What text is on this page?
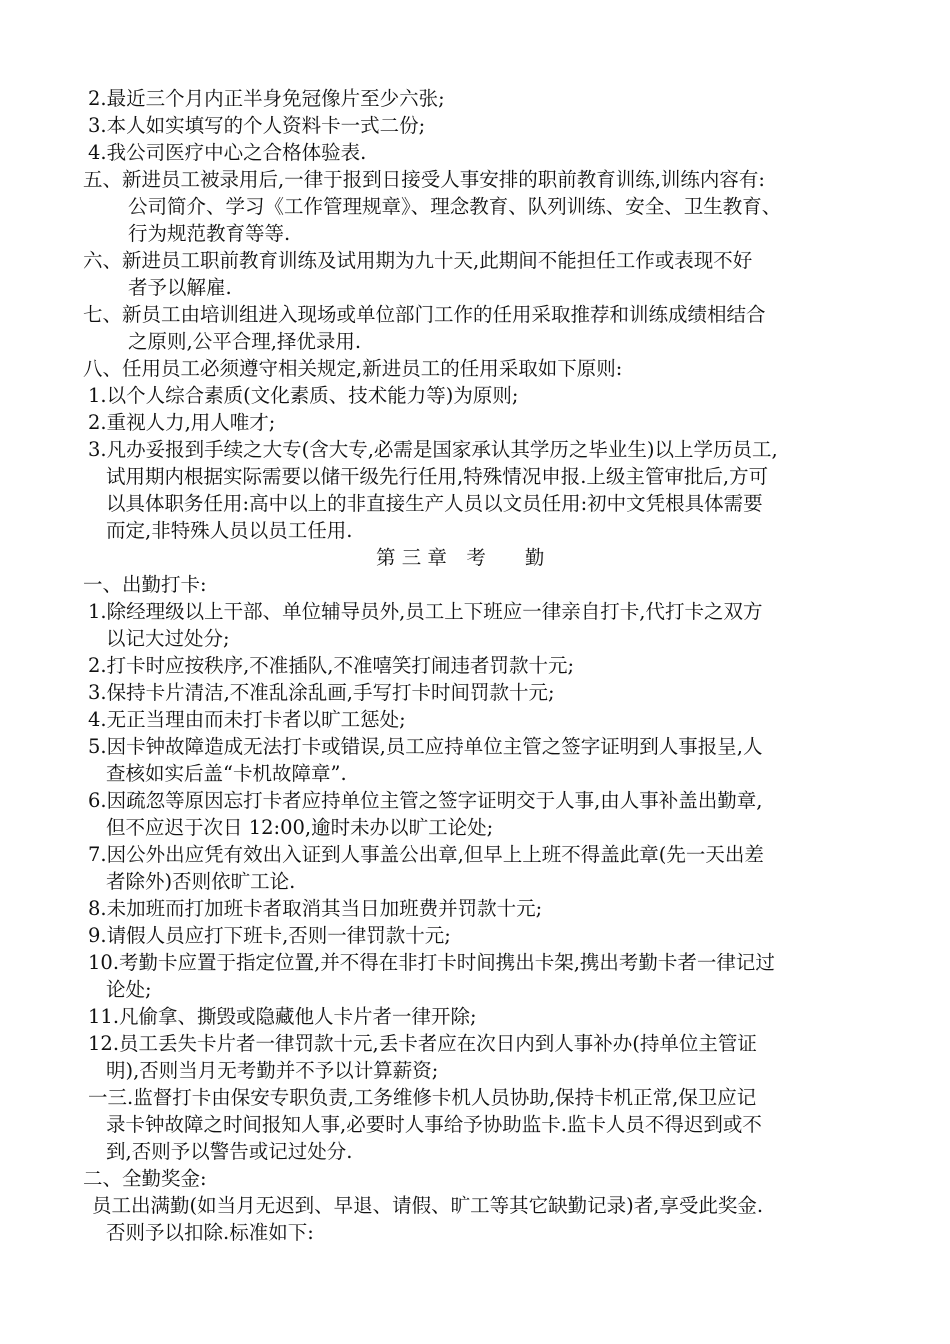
2.最近三个月内正半身免冠像片至少六张;
3.本人如实填写的个人资料卡一式二份;
4.我公司医疗中心之合格体验表.
五、新进员工被录用后,一律于报到日接受人事安排的职前教育训练,训练内容有:
公司简介、学习《工作管理规章》、理念教育、队列训练、安全、卫生教育、
行为规范教育等等.
六、新进员工职前教育训练及试用期为九十天,此期间不能担任工作或表现不好
者予以解雇.
七、新员工由培训组进入现场或单位部门工作的任用采取推荐和训练成绩相结合
之原则,公平合理,择优录用.
八、任用员工必须遵守相关规定,新进员工的任用采取如下原则:
1.以个人综合素质(文化素质、技术能力等)为原则;
2.重视人力,用人唯才;
3.凡办妥报到手续之大专(含大专,必需是国家承认其学历之毕业生)以上学历员工,
试用期内根据实际需要以储干级先行任用,特殊情况申报.上级主管审批后,方可
以具体职务任用:高中以上的非直接生产人员以文员任用:初中文凭根具体需要
而定,非特殊人员以员工任用.
第 三 章　考　　勤
一、出勤打卡:
1.除经理级以上干部、单位辅导员外,员工上下班应一律亲自打卡,代打卡之双方
以记大过处分;
2.打卡时应按秩序,不准插队,不准嘻笑打闹违者罚款十元;
3.保持卡片清洁,不准乱涂乱画,手写打卡时间罚款十元;
4.无正当理由而未打卡者以旷工惩处;
5.因卡钟故障造成无法打卡或错误,员工应持单位主管之签字证明到人事报呈,人
查核如实后盖“卡机故障章”.
6.因疏忽等原因忘打卡者应持单位主管之签字证明交于人事,由人事补盖出勤章,
但不应迟于次日 12:00,逾时未办以旷工论处;
7.因公外出应凭有效出入证到人事盖公出章,但早上上班不得盖此章(先一天出差
者除外)否则依旷工论.
8.未加班而打加班卡者取消其当日加班费并罚款十元;
9.请假人员应打下班卡,否则一律罚款十元;
10.考勤卡应置于指定位置,并不得在非打卡时间携出卡架,携出考勤卡者一律记过
论处;
11.凡偷拿、撕毁或隐藏他人卡片者一律开除;
12.员工丢失卡片者一律罚款十元,丢卡者应在次日内到人事补办(持单位主管证
明),否则当月无考勤并不予以计算薪资;
一三.监督打卡由保安专职负责,工务维修卡机人员协助,保持卡机正常,保卫应记
录卡钟故障之时间报知人事,必要时人事给予协助监卡.监卡人员不得迟到或不
到,否则予以警告或记过处分.
二、全勤奖金:
员工出满勤(如当月无迟到、早退、请假、旷工等其它缺勤记录)者,享受此奖金.
否则予以扣除.标准如下:
